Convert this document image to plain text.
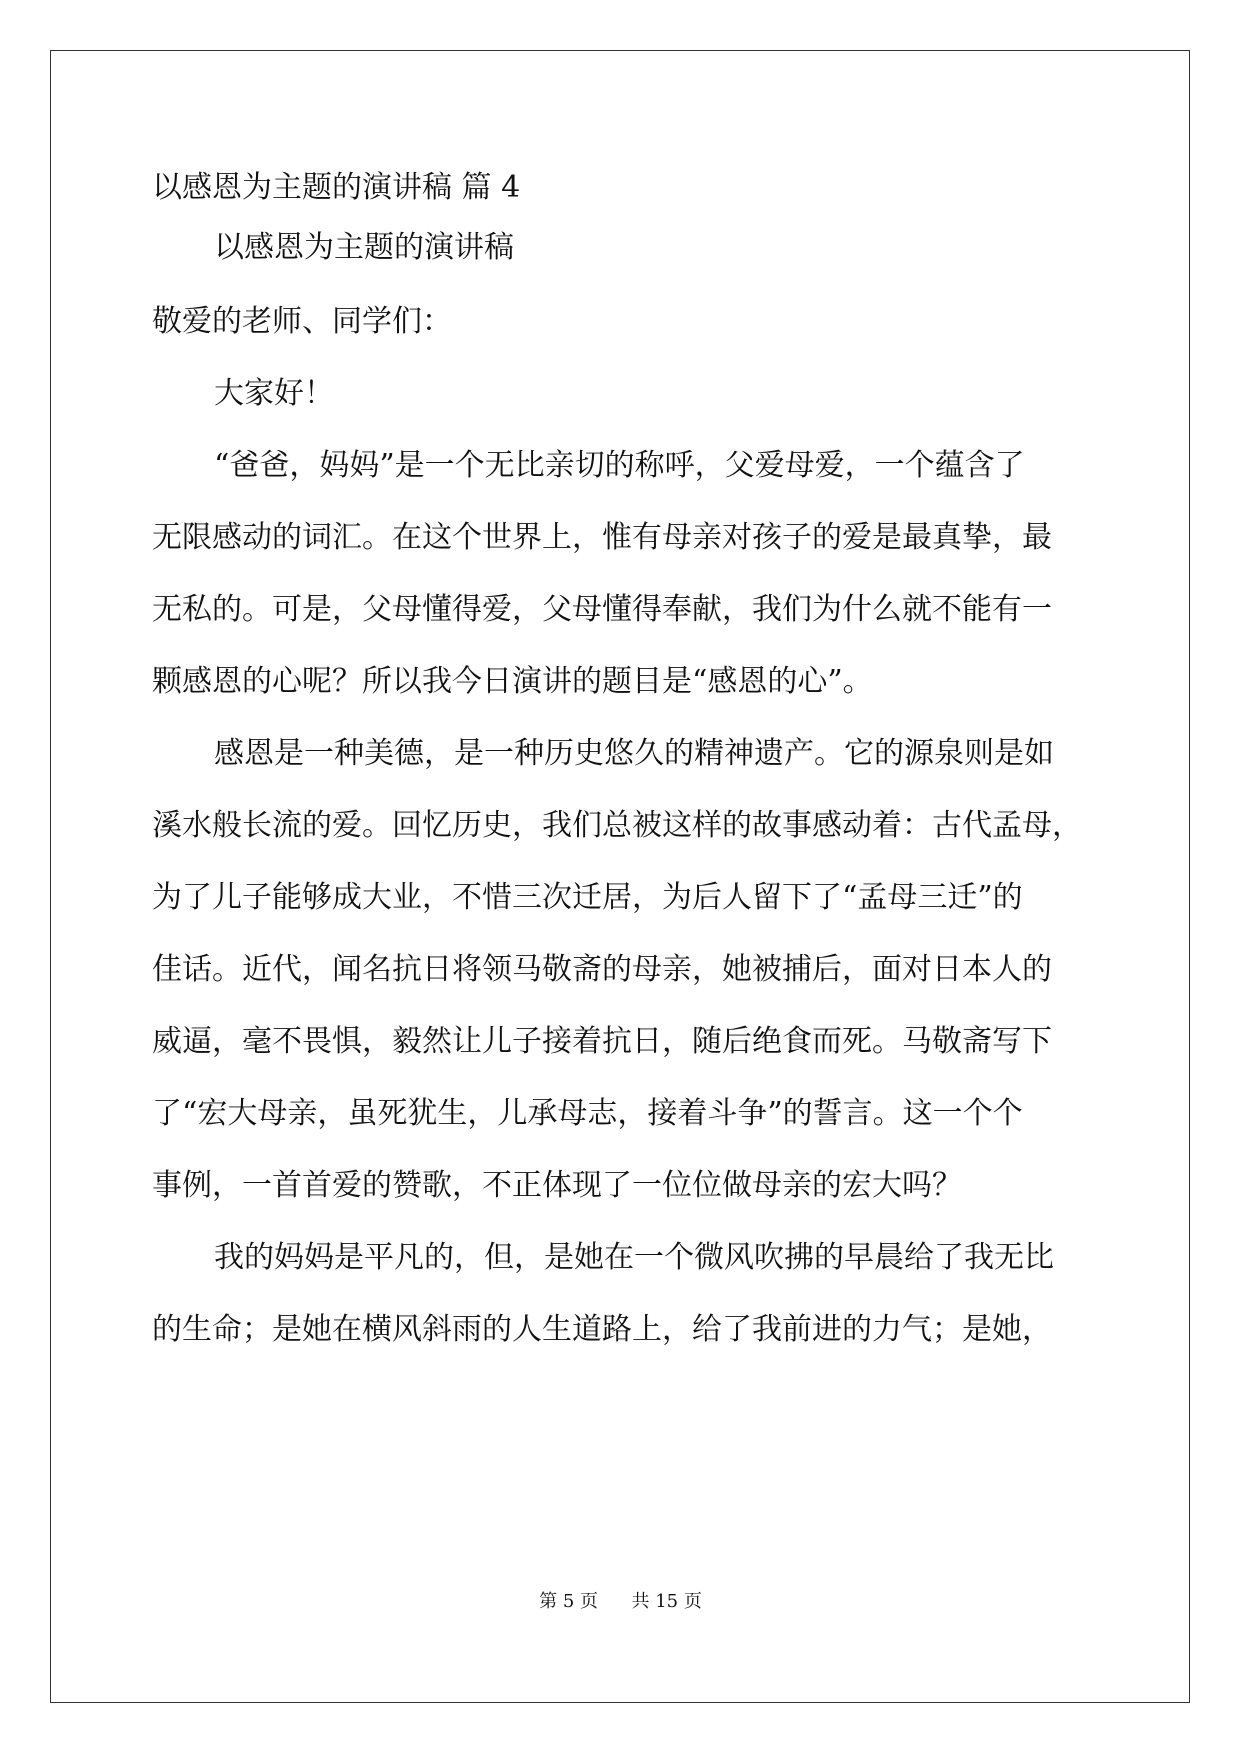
以感恩为主题的演讲稿 篇 4
以感恩为主题的演讲稿
敬爱的老师、同学们：
大家好！
“爸爸，妈妈”是一个无比亲切的称呼，父爱母爱，一个蕴含了
无限感动的词汇。在这个世界上，惟有母亲对孩子的爱是最真挚，最
无私的。可是，父母懂得爱，父母懂得奉献，我们为什么就不能有一
颗感恩的心呢？所以我今日演讲的题目是“感恩的心”。
感恩是一种美德，是一种历史悠久的精神遗产。它的源泉则是如
溪水般长流的爱。回忆历史，我们总被这样的故事感动着：古代孟母，
为了儿子能够成大业，不惜三次迁居，为后人留下了“孟母三迁”的
佳话。近代，闻名抗日将领马敬斋的母亲，她被捕后，面对日本人的
威逼，毫不畏惧，毅然让儿子接着抗日，随后绝食而死。马敬斋写下
了“宏大母亲，虽死犹生，儿承母志，接着斗争”的誓言。这一个个
事例，一首首爱的赞歌，不正体现了一位位做母亲的宏大吗？
我的妈妈是平凡的，但，是她在一个微风吹拂的早晨给了我无比
的生命；是她在横风斜雨的人生道路上，给了我前进的力气；是她，
第 5 页 共 15 页
